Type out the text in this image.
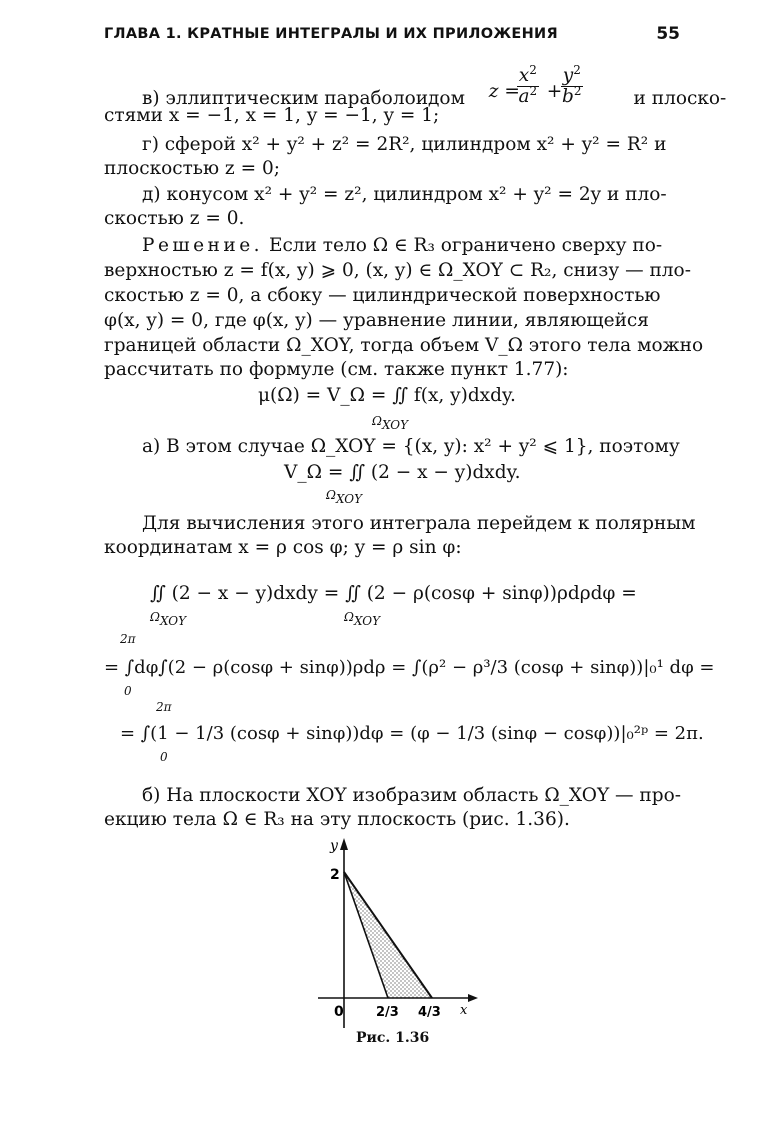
ГЛАВА 1. КРАТНЫЕ ИНТЕГРАЛЫ И ИХ ПРИЛОЖЕНИЯ	55
в) эллиптическим параболоидом z =
$\frac{x^2}{a^2}$ +
$\frac{y^2}{b^2}$	и плоско-
стями x = −1, x = 1, y = −1, y = 1;
г) сферой x² + y² + z² = 2R², цилиндром x² + y² = R² и
плоскостью z = 0;
д) конусом x² + y² = z², цилиндром x² + y² = 2y и пло-
скостью z = 0.
Решение. Если тело Ω ∈ R₃ ограничено сверху по-
верхностью z = f(x, y) ⩾ 0, (x, y) ∈ Ω_XOY ⊂ R₂, снизу — пло-
скостью z = 0, а сбоку — цилиндрической поверхностью
φ(x, y) = 0, где φ(x, y) — уравнение линии, являющейся
границей области Ω_XOY, тогда объем V_Ω этого тела можно
рассчитать по формуле (см. также пункт 1.77):
μ(Ω) = V_Ω = ∬ f(x, y)dxdy.
$\Omega_{XOY}$
а) В этом случае Ω_XOY = {(x, y): x² + y² ⩽ 1}, поэтому
V_Ω = ∬ (2 − x − y)dxdy.
$\Omega_{XOY}$
Для вычисления этого интеграла перейдем к полярным
координатам x = ρ cos φ; y = ρ sin φ:
∬ (2 − x − y)dxdy = ∬ (2 − ρ(cosφ + sinφ))ρdρdφ =
$\Omega_{XOY}$	$\Omega_{XOY}$
= ∫dφ∫(2 − ρ(cosφ + sinφ))ρdρ = ∫(ρ² − ρ³/3 (cosφ + sinφ))|₀¹ dφ =
2π
0
= ∫(1 − 1/3 (cosφ + sinφ))dφ = (φ − 1/3 (sinφ − cosφ))|₀²ᵖ = 2π.
2π
0
б) На плоскости XOY изобразим область Ω_XOY — про-
екцию тела Ω ∈ R₃ на эту плоскость (рис. 1.36).
y
2
0 2/3 4/3 x
Рис. 1.36
